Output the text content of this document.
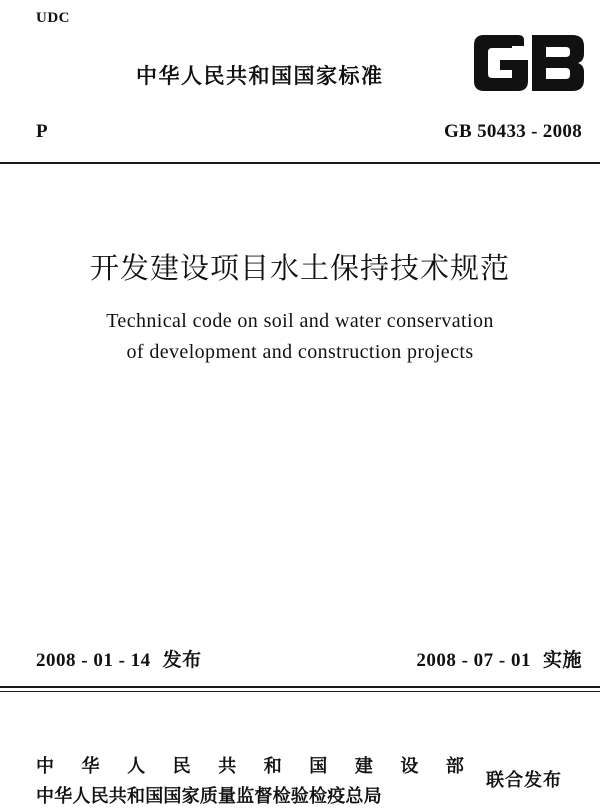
UDC
中华人民共和国国家标准
P	GB 50433 - 2008
开发建设项目水土保持技术规范
Technical code on soil and water conservation
of development and construction projects
2008 - 01 - 14 发布	2008 - 07 - 01 实施
中 华 人 民 共 和 国 建 设 部
中华人民共和国国家质量监督检验检疫总局
联合发布
